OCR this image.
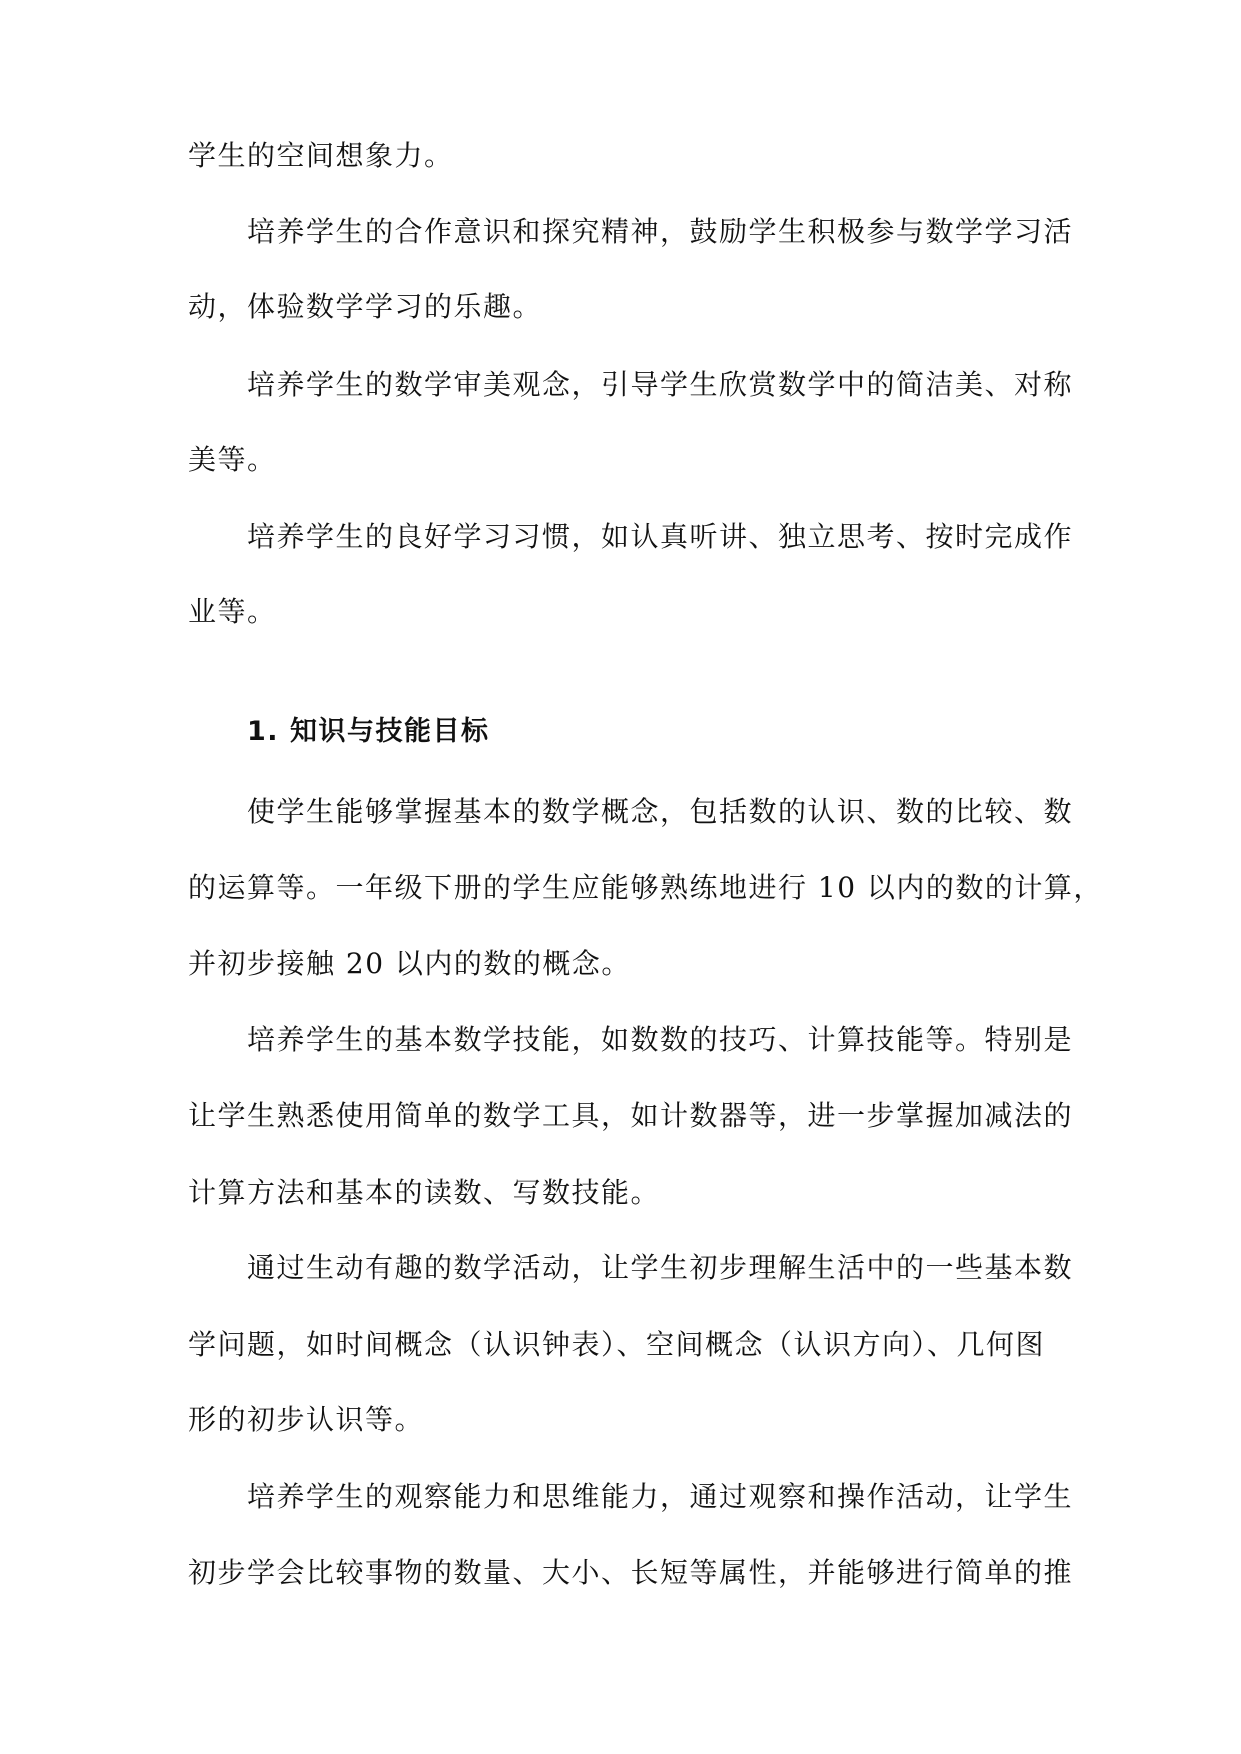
学生的空间想象力。
培养学生的合作意识和探究精神，鼓励学生积极参与数学学习活
动，体验数学学习的乐趣。
培养学生的数学审美观念，引导学生欣赏数学中的简洁美、对称
美等。
培养学生的良好学习习惯，如认真听讲、独立思考、按时完成作
业等。
1. 知识与技能目标
使学生能够掌握基本的数学概念，包括数的认识、数的比较、数
的运算等。一年级下册的学生应能够熟练地进行 10 以内的数的计算，
并初步接触 20 以内的数的概念。
培养学生的基本数学技能，如数数的技巧、计算技能等。特别是
让学生熟悉使用简单的数学工具，如计数器等，进一步掌握加减法的
计算方法和基本的读数、写数技能。
通过生动有趣的数学活动，让学生初步理解生活中的一些基本数
学问题，如时间概念（认识钟表）、空间概念（认识方向）、几何图
形的初步认识等。
培养学生的观察能力和思维能力，通过观察和操作活动，让学生
初步学会比较事物的数量、大小、长短等属性，并能够进行简单的推
